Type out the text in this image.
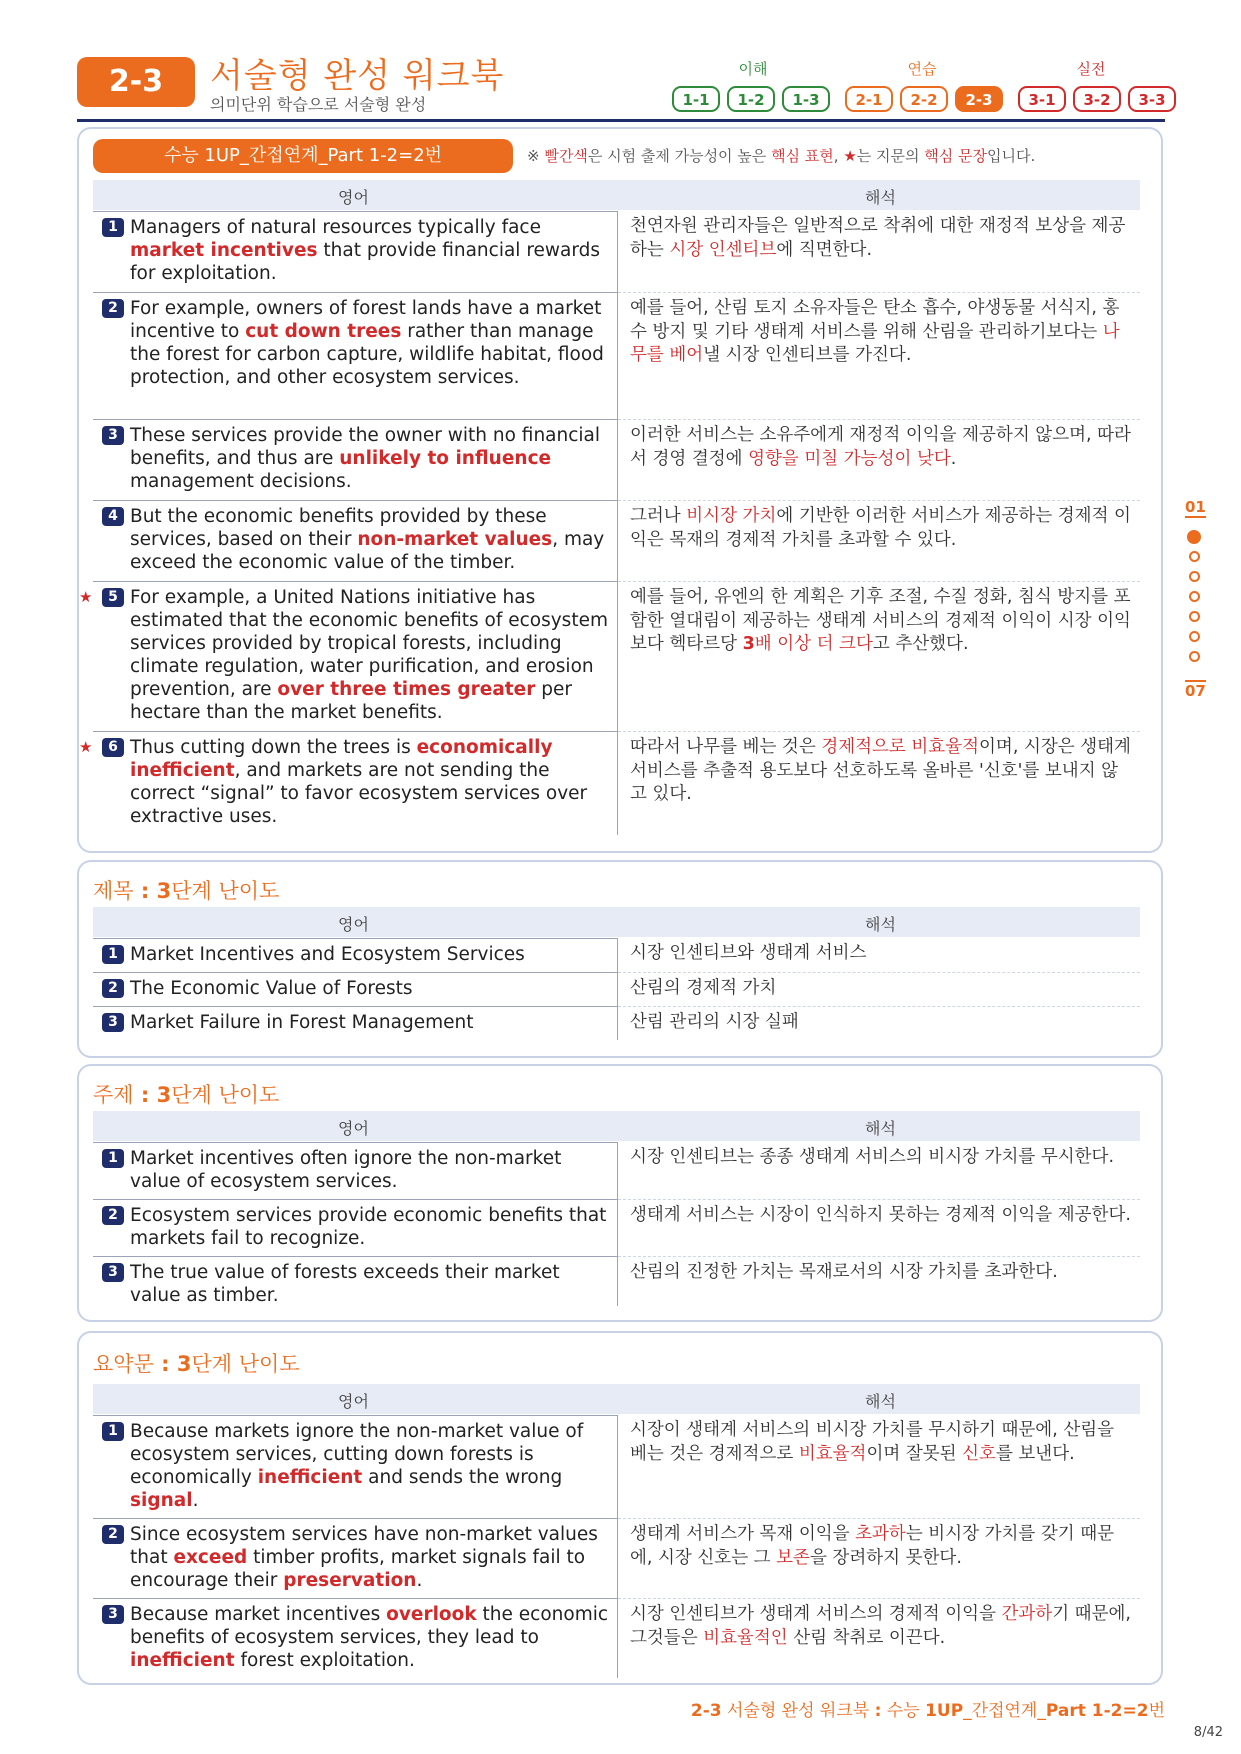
2-3	서술형 완성 워크북
의미단위 학습으로 서술형 완성
이해	연습	실전
1-1	1-2	1-3	2-1	2-2	2-3	3-1	3-2	3-3
수능 1UP_간접연계_Part 1-2=2번	※ 빨간색은 시험 출제 가능성이 높은 핵심 표현, ★는 지문의 핵심 문장입니다.
영어	해석
1 Managers of natural resources typically face market incentives that provide financial rewards for exploitation.
천연자원 관리자들은 일반적으로 착취에 대한 재정적 보상을 제공하는 시장 인센티브에 직면한다.
2 For example, owners of forest lands have a market incentive to cut down trees rather than manage the forest for carbon capture, wildlife habitat, flood protection, and other ecosystem services.
예를 들어, 산림 토지 소유자들은 탄소 흡수, 야생동물 서식지, 홍수 방지 및 기타 생태계 서비스를 위해 산림을 관리하기보다는 나무를 베어낼 시장 인센티브를 가진다.
3 These services provide the owner with no financial benefits, and thus are unlikely to influence management decisions.
이러한 서비스는 소유주에게 재정적 이익을 제공하지 않으며, 따라서 경영 결정에 영향을 미칠 가능성이 낮다.
4 But the economic benefits provided by these services, based on their non-market values, may exceed the economic value of the timber.
그러나 비시장 가치에 기반한 이러한 서비스가 제공하는 경제적 이익은 목재의 경제적 가치를 초과할 수 있다.
★	5 For example, a United Nations initiative has estimated that the economic benefits of ecosystem services provided by tropical forests, including climate regulation, water purification, and erosion prevention, are over three times greater per hectare than the market benefits.
예를 들어, 유엔의 한 계획은 기후 조절, 수질 정화, 침식 방지를 포함한 열대림이 제공하는 생태계 서비스의 경제적 이익이 시장 이익보다 헥타르당 3배 이상 더 크다고 추산했다.
★	6 Thus cutting down the trees is economically inefficient, and markets are not sending the correct “signal” to favor ecosystem services over extractive uses.
따라서 나무를 베는 것은 경제적으로 비효율적이며, 시장은 생태계 서비스를 추출적 용도보다 선호하도록 올바른 '신호'를 보내지 않고 있다.
제목 : 3단계 난이도
영어	해석
1 Market Incentives and Ecosystem Services	시장 인센티브와 생태계 서비스
2 The Economic Value of Forests	산림의 경제적 가치
3 Market Failure in Forest Management	산림 관리의 시장 실패
주제 : 3단계 난이도
영어	해석
1 Market incentives often ignore the non-market value of ecosystem services.
시장 인센티브는 종종 생태계 서비스의 비시장 가치를 무시한다.
2 Ecosystem services provide economic benefits that markets fail to recognize.
생태계 서비스는 시장이 인식하지 못하는 경제적 이익을 제공한다.
3 The true value of forests exceeds their market value as timber.
산림의 진정한 가치는 목재로서의 시장 가치를 초과한다.
요약문 : 3단계 난이도
영어	해석
1 Because markets ignore the non-market value of ecosystem services, cutting down forests is economically inefficient and sends the wrong signal.
시장이 생태계 서비스의 비시장 가치를 무시하기 때문에, 산림을 베는 것은 경제적으로 비효율적이며 잘못된 신호를 보낸다.
2 Since ecosystem services have non-market values that exceed timber profits, market signals fail to encourage their preservation.
생태계 서비스가 목재 이익을 초과하는 비시장 가치를 갖기 때문에, 시장 신호는 그 보존을 장려하지 못한다.
3 Because market incentives overlook the economic benefits of ecosystem services, they lead to inefficient forest exploitation.
시장 인센티브가 생태계 서비스의 경제적 이익을 간과하기 때문에, 그것들은 비효율적인 산림 착취로 이끈다.
01
07
2-3 서술형 완성 워크북 : 수능 1UP_간접연계_Part 1-2=2번
8/42
